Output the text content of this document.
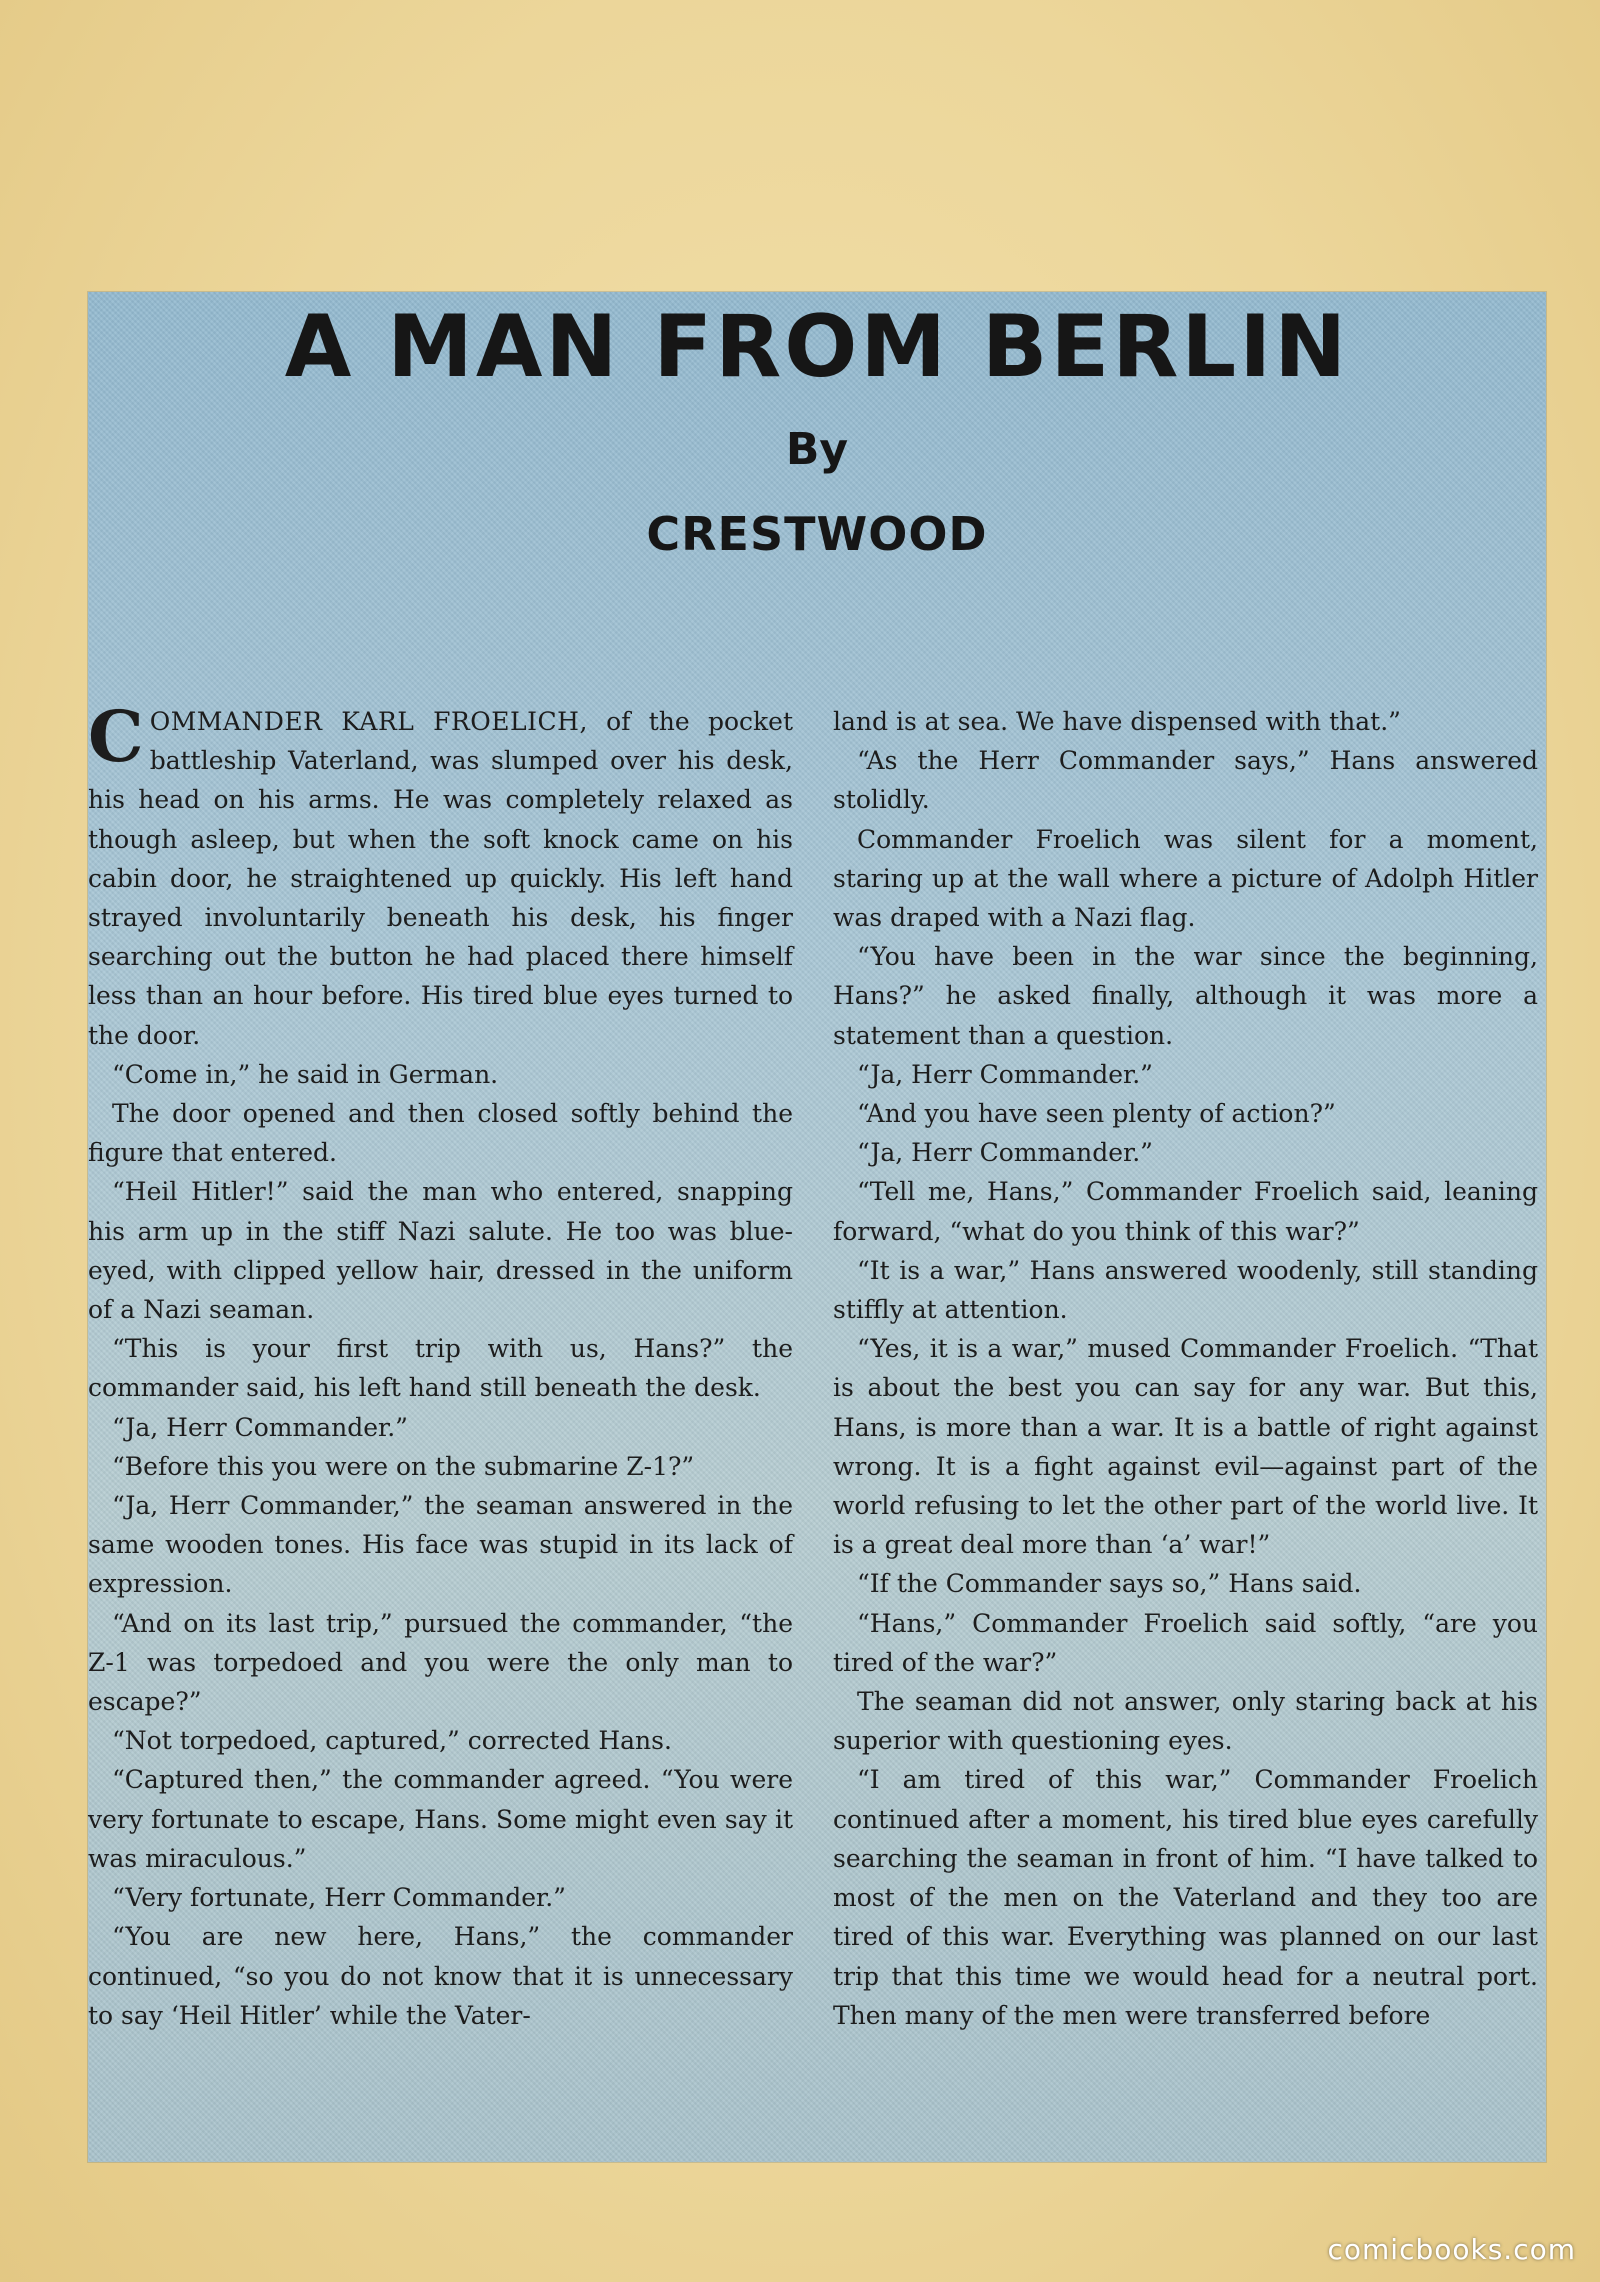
A MAN FROM BERLIN
By
CRESTWOOD

COMMANDER KARL FROELICH, of the pocket battleship Vaterland, was slumped over his desk, his head on his arms. He was completely relaxed as though asleep, but when the soft knock came on his cabin door, he straightened up quickly. His left hand strayed involuntarily beneath his desk, his finger searching out the button he had placed there himself less than an hour before. His tired blue eyes turned to the door.

“Come in,” he said in German.

The door opened and then closed softly behind the figure that entered.

“Heil Hitler!” said the man who entered, snapping his arm up in the stiff Nazi salute. He too was blue-eyed, with clipped yellow hair, dressed in the uniform of a Nazi seaman.

“This is your first trip with us, Hans?” the commander said, his left hand still beneath the desk.

“Ja, Herr Commander.”

“Before this you were on the submarine Z-1?”

“Ja, Herr Commander,” the seaman answered in the same wooden tones. His face was stupid in its lack of expression.

“And on its last trip,” pursued the commander, “the Z-1 was torpedoed and you were the only man to escape?”

“Not torpedoed, captured,” corrected Hans.

“Captured then,” the commander agreed. “You were very fortunate to escape, Hans. Some might even say it was miraculous.”

“Very fortunate, Herr Commander.”

“You are new here, Hans,” the commander continued, “so you do not know that it is unnecessary to say ‘Heil Hitler’ while the Vater-

land is at sea. We have dispensed with that.”

“As the Herr Commander says,” Hans answered stolidly.

Commander Froelich was silent for a moment, staring up at the wall where a picture of Adolph Hitler was draped with a Nazi flag.

“You have been in the war since the beginning, Hans?” he asked finally, although it was more a statement than a question.

“Ja, Herr Commander.”

“And you have seen plenty of action?”

“Ja, Herr Commander.”

“Tell me, Hans,” Commander Froelich said, leaning forward, “what do you think of this war?”

“It is a war,” Hans answered woodenly, still standing stiffly at attention.

“Yes, it is a war,” mused Commander Froelich. “That is about the best you can say for any war. But this, Hans, is more than a war. It is a battle of right against wrong. It is a fight against evil—against part of the world refusing to let the other part of the world live. It is a great deal more than ‘a’ war!”

“If the Commander says so,” Hans said.

“Hans,” Commander Froelich said softly, “are you tired of the war?”

The seaman did not answer, only staring back at his superior with questioning eyes.

“I am tired of this war,” Commander Froelich continued after a moment, his tired blue eyes carefully searching the seaman in front of him. “I have talked to most of the men on the Vaterland and they too are tired of this war. Everything was planned on our last trip that this time we would head for a neutral port. Then many of the men were transferred before

comicbooks.com
